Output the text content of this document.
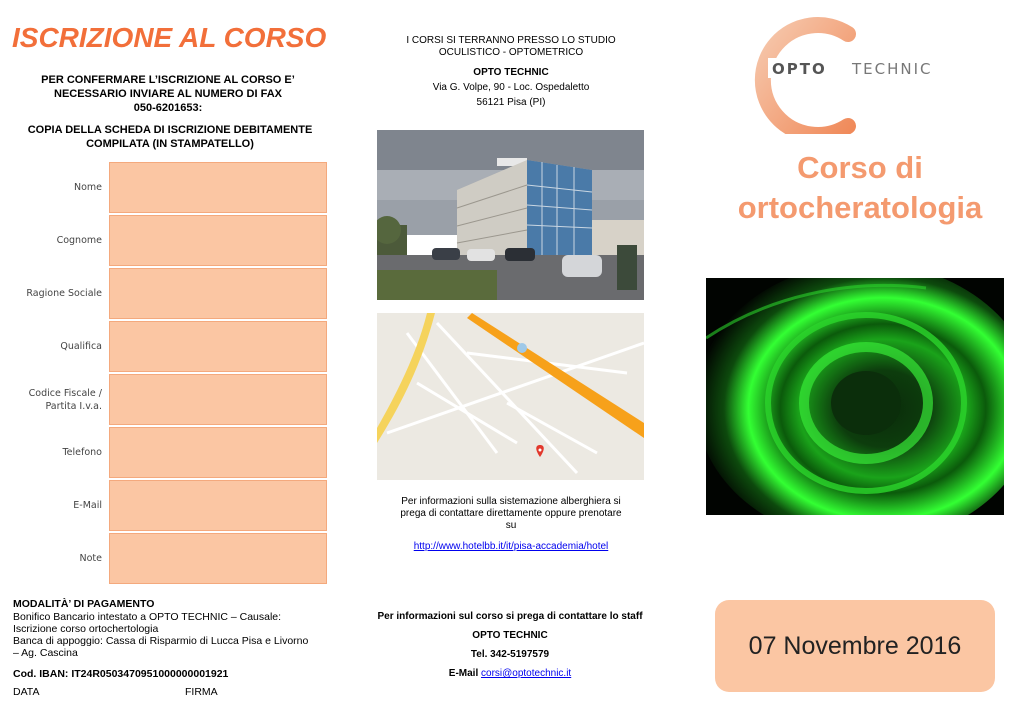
ISCRIZIONE AL CORSO
PER CONFERMARE L’ISCRIZIONE AL CORSO E’
NECESSARIO INVIARE AL NUMERO DI FAX
050-6201653:
COPIA DELLA SCHEDA DI ISCRIZIONE DEBITAMENTE
COMPILATA (IN STAMPATELLO)
Nome
Cognome
Ragione Sociale
Qualifica
Codice Fiscale /
Partita I.v.a.
Telefono
E-Mail
Note
MODALITÀ’ DI PAGAMENTO
Bonifico Bancario intestato a OPTO TECHNIC – Causale:
Iscrizione corso ortochertologia
Banca di appoggio: Cassa di Risparmio di Lucca Pisa e Livorno
– Ag. Cascina
Cod. IBAN: IT24R0503470951000000001921
DATA	FIRMA
I CORSI SI TERRANNO PRESSO LO STUDIO
OCULISTICO - OPTOMETRICO
OPTO TECHNIC
Via G. Volpe, 90 - Loc. Ospedaletto
56121 Pisa (PI)
Per informazioni sulla sistemazione alberghiera si
prega di contattare direttamente oppure prenotare
su
http://www.hotelbb.it/it/pisa-accademia/hotel
Per informazioni sul corso si prega di contattare lo staff
OPTO TECHNIC
Tel. 342-5197579
E-Mail corsi@optotechnic.it
OPTO TECHNIC
Corso di
ortocheratologia
07 Novembre 2016
